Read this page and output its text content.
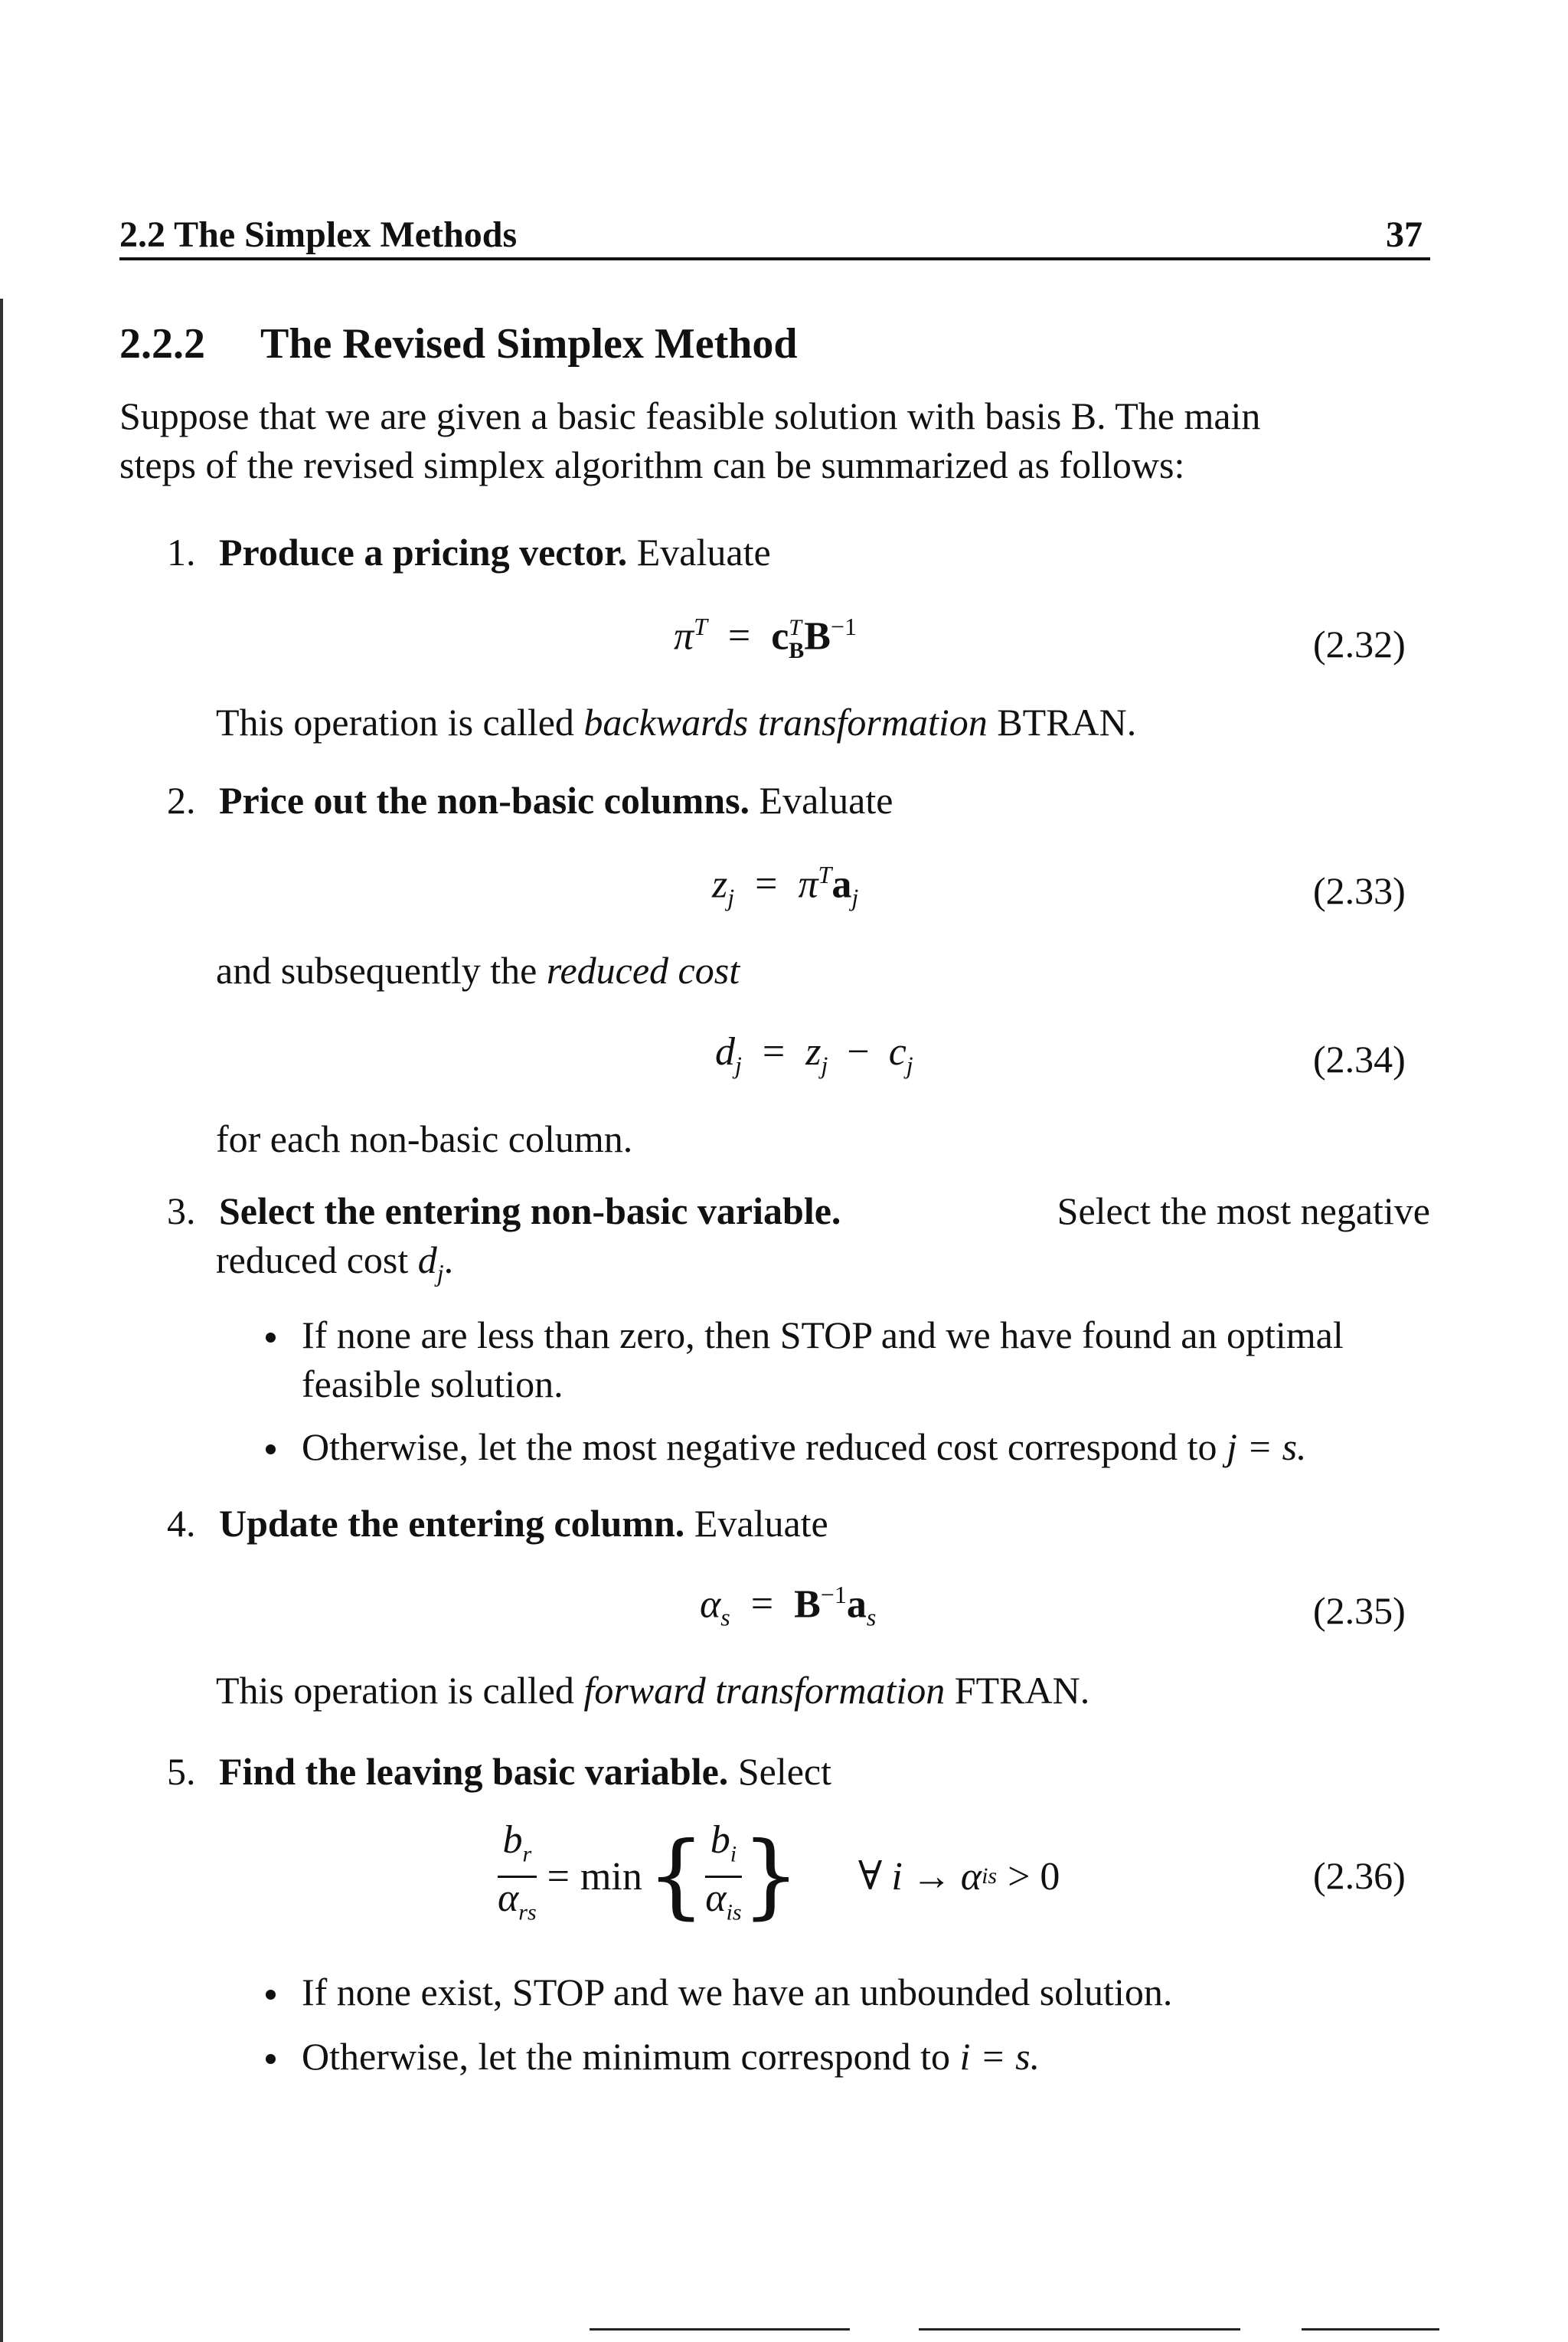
2.2 The Simplex Methods	37
2.2.2 The Revised Simplex Method
Suppose that we are given a basic feasible solution with basis B. The main
steps of the revised simplex algorithm can be summarized as follows:
1. Produce a pricing vector. Evaluate
$\pi^T = c$ T
B $B^{-1}$	(2.32)
This operation is called backwards transformation BTRAN.
2. Price out the non-basic columns. Evaluate
$z_j = \pi^Ta_j$	(2.33)
and subsequently the reduced cost
$d_j = z_j - c_j$	(2.34)
for each non-basic column.
3. Select the entering non-basic variable.	Select the most negative
reduced cost $d_j$.
If none are less than zero, then STOP and we have found an optimal
feasible solution.
Otherwise, let the most negative reduced cost correspond to j = s.
4. Update the entering column. Evaluate
$\alpha_s = B^{-1}a_s$	(2.35)
This operation is called forward transformation FTRAN.
5. Find the leaving basic variable. Select
$\frac{b_r}{\alpha_{rs}} = \min$ { $\frac{b_i}{\alpha_{is}}$ } ∀ i → α is > 0	(2.36)
If none exist, STOP and we have an unbounded solution.
Otherwise, let the minimum correspond to i = s.
